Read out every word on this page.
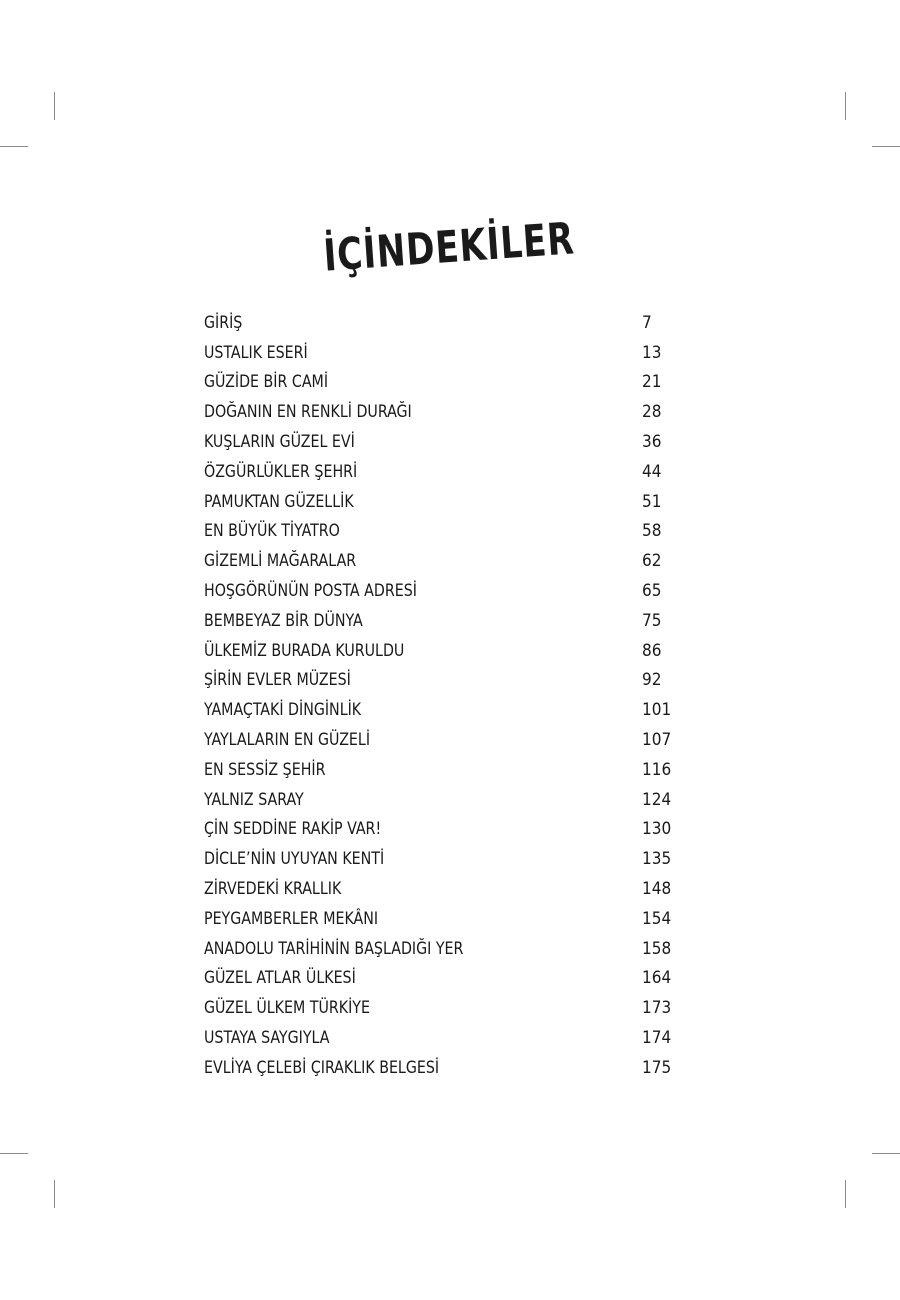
İÇİNDEKİLER
GİRİŞ	7
USTALIK ESERİ	13
GÜZİDE BİR CAMİ	21
DOĞANIN EN RENKLİ DURAĞI	28
KUŞLARIN GÜZEL EVİ	36
ÖZGÜRLÜKLER ŞEHRİ	44
PAMUKTAN GÜZELLİK	51
EN BÜYÜK TİYATRO	58
GİZEMLİ MAĞARALAR	62
HOŞGÖRÜNÜN POSTA ADRESİ	65
BEMBEYAZ BİR DÜNYA	75
ÜLKEMİZ BURADA KURULDU	86
ŞİRİN EVLER MÜZESİ	92
YAMAÇTAKİ DİNGİNLİK	101
YAYLALARIN EN GÜZELİ	107
EN SESSİZ ŞEHİR	116
YALNIZ SARAY	124
ÇİN SEDDİNE RAKİP VAR!	130
DİCLE’NİN UYUYAN KENTİ	135
ZİRVEDEKİ KRALLIK	148
PEYGAMBERLER MEKÂNI	154
ANADOLU TARİHİNİN BAŞLADIĞI YER	158
GÜZEL ATLAR ÜLKESİ	164
GÜZEL ÜLKEM TÜRKİYE	173
USTAYA SAYGIYLA	174
EVLİYA ÇELEBİ ÇIRAKLIK BELGESİ	175
